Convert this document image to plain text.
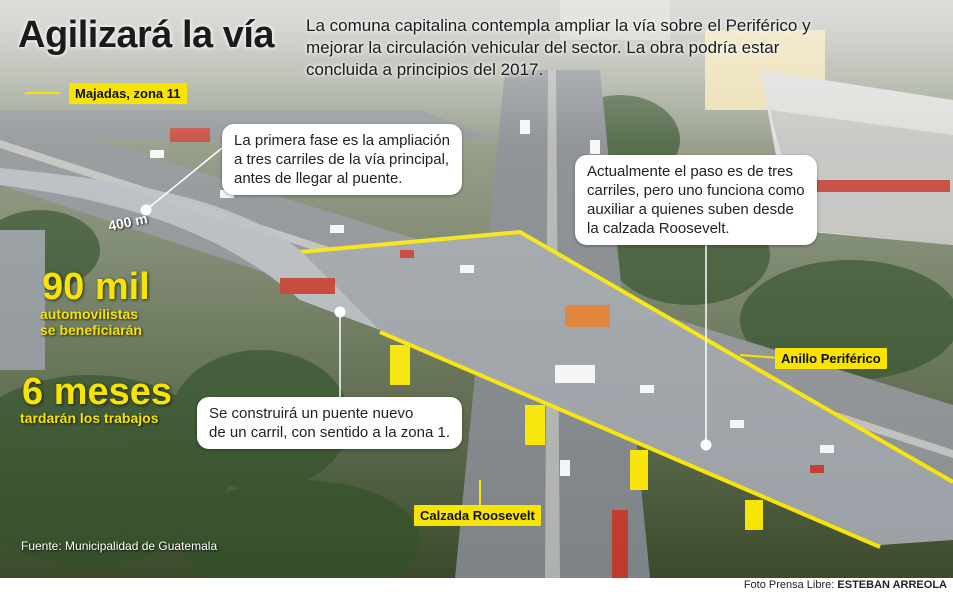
Agilizará la vía La comuna capitalina contempla ampliar la vía sobre el Periférico y mejorar la circulación vehicular del sector. La obra podría estar concluida a principios del 2017.
Majadas, zona 11
Anillo Periférico
Calzada Roosevelt
400 m
La primera fase es la ampliación
a tres carriles de la vía principal,
antes de llegar al puente.	Actualmente el paso es de tres
carriles, pero uno funciona como
auxiliar a quienes suben desde
la calzada Roosevelt.
Se construirá un puente nuevo
de un carril, con sentido a la zona 1.
90 mil
automovilistas
se beneficiarán
6 meses
tardarán los trabajos
Fuente: Municipalidad de Guatemala
Foto Prensa Libre: ESTEBAN ARREOLA
